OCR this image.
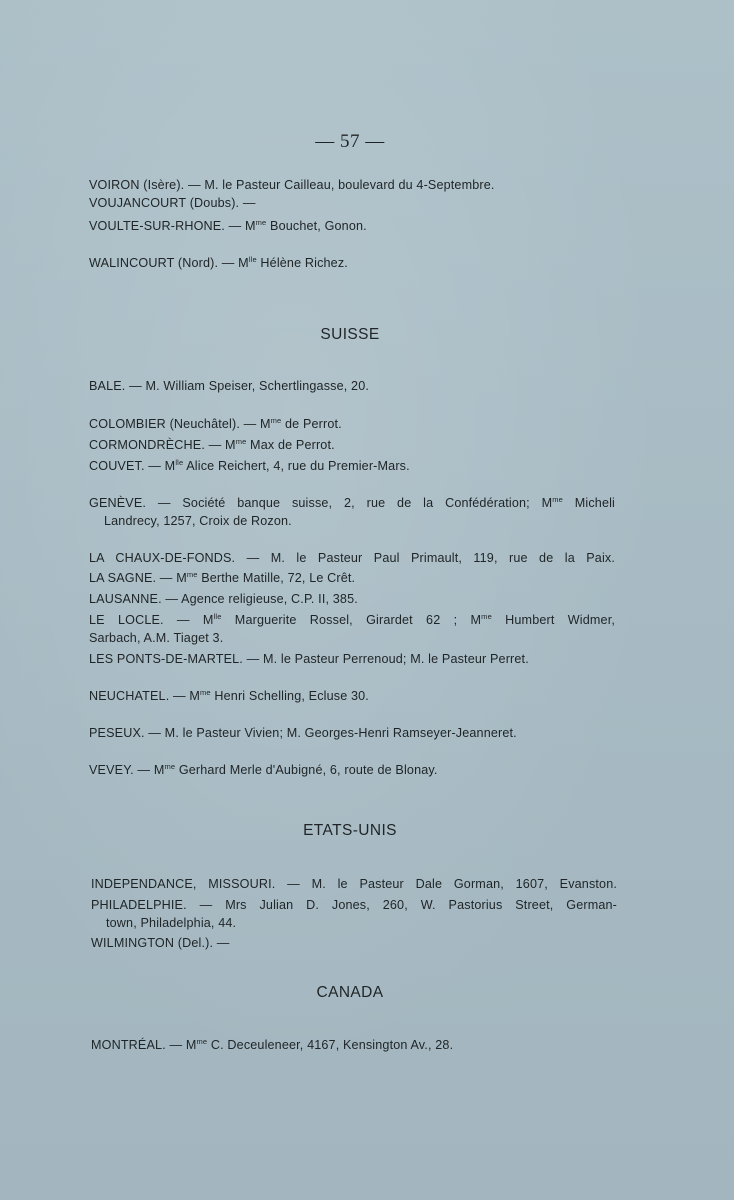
— 57 —
VOIRON (Isère). — M. le Pasteur Cailleau, boulevard du 4-Septembre.
VOUJANCOURT (Doubs). —
VOULTE-SUR-RHONE. — $M^{me}$ Bouchet, Gonon.
WALINCOURT (Nord). — $M^{lle}$ Hélène Richez.
SUISSE
BALE. — M. William Speiser, Schertlingasse, 20.
COLOMBIER (Neuchâtel). — $M^{me}$ de Perrot.
CORMONDRÈCHE. — $M^{me}$ Max de Perrot.
COUVET. — $M^{lle}$ Alice Reichert, 4, rue du Premier-Mars.
GENÈVE. — Société banque suisse, 2, rue de la Confédération; $M^{me}$ Micheli
Landrecy, 1257, Croix de Rozon.
LA CHAUX-DE-FONDS. — M. le Pasteur Paul Primault, 119, rue de la Paix.
LA SAGNE. — $M^{me}$ Berthe Matille, 72, Le Crêt.
LAUSANNE. — Agence religieuse, C.P. II, 385.
LE LOCLE. — $M^{lle}$ Marguerite Rossel, Girardet 62 ; $M^{me}$ Humbert Widmer,
Sarbach, A.M. Tiaget 3.
LES PONTS-DE-MARTEL. — M. le Pasteur Perrenoud; M. le Pasteur Perret.
NEUCHATEL. — $M^{me}$ Henri Schelling, Ecluse 30.
PESEUX. — M. le Pasteur Vivien; M. Georges-Henri Ramseyer-Jeanneret.
VEVEY. — $M^{me}$ Gerhard Merle d'Aubigné, 6, route de Blonay.
ETATS-UNIS
INDEPENDANCE, MISSOURI. — M. le Pasteur Dale Gorman, 1607, Evanston.
PHILADELPHIE. — Mrs Julian D. Jones, 260, W. Pastorius Street, German-
town, Philadelphia, 44.
WILMINGTON (Del.). —
CANADA
MONTRÉAL. — $M^{me}$ C. Deceuleneer, 4167, Kensington Av., 28.
